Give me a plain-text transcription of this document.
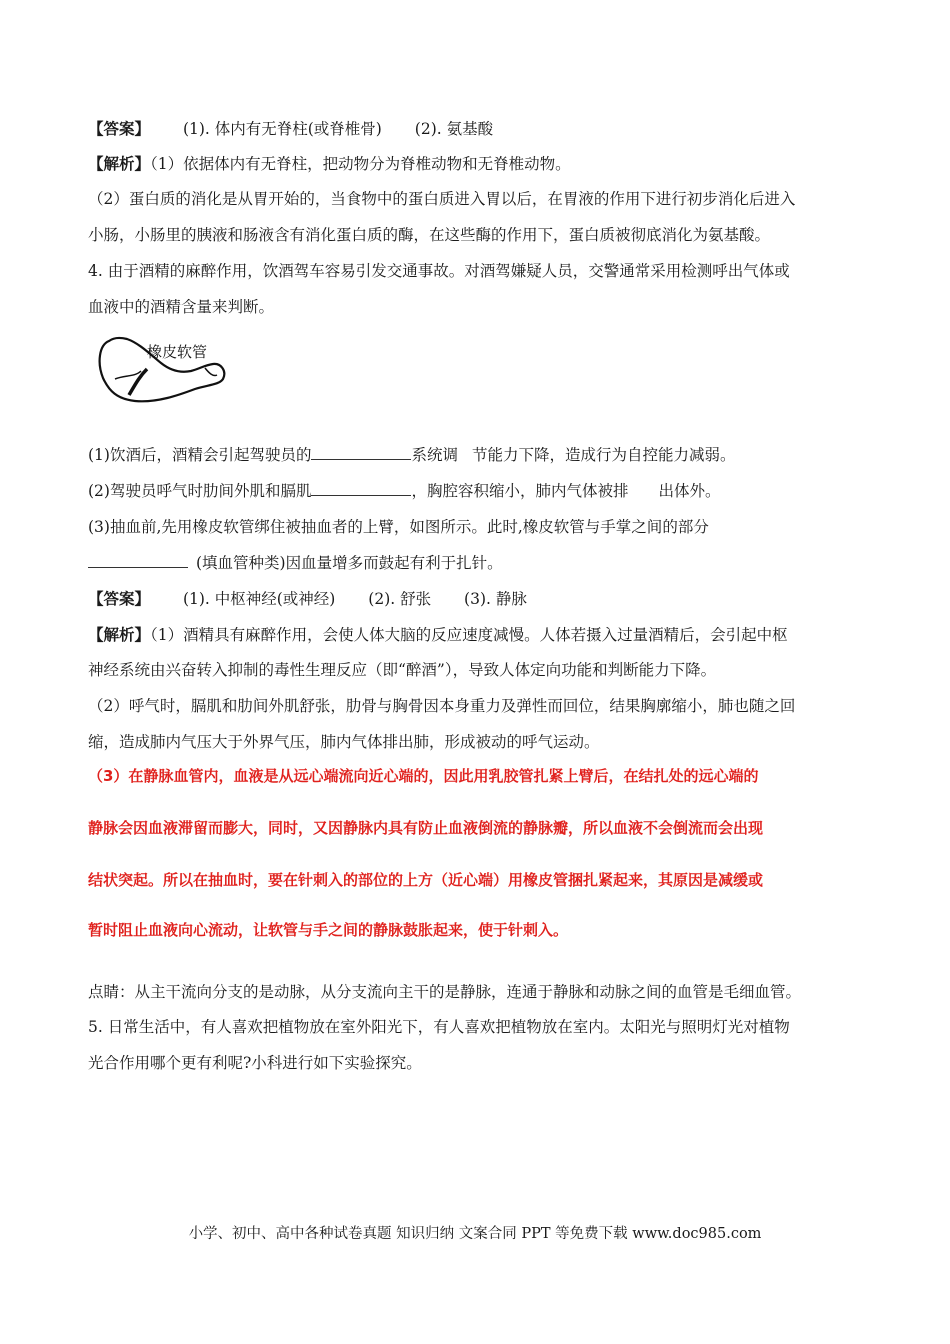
【答案】 (1). 体内有无脊柱(或脊椎骨) (2). 氨基酸
【解析】（1）依据体内有无脊柱，把动物分为脊椎动物和无脊椎动物。
（2）蛋白质的消化是从胃开始的，当食物中的蛋白质进入胃以后，在胃液的作用下进行初步消化后进入
小肠，小肠里的胰液和肠液含有消化蛋白质的酶，在这些酶的作用下，蛋白质被彻底消化为氨基酸。
4. 由于酒精的麻醉作用，饮酒驾车容易引发交通事故。对酒驾嫌疑人员，交警通常采用检测呼出气体或
血液中的酒精含量来判断。
橡皮软管
(1)饮酒后，酒精会引起驾驶员的	系统调 节能力下降，造成行为自控能力减弱。
(2)驾驶员呼气时肋间外肌和膈肌	，胸腔容积缩小，肺内气体被排 出体外。
(3)抽血前,先用橡皮软管绑住被抽血者的上臂，如图所示。此时,橡皮软管与手掌之间的部分
(填血管种类)因血量增多而鼓起有利于扎针。
【答案】 (1). 中枢神经(或神经) (2). 舒张 (3). 静脉
【解析】（1）酒精具有麻醉作用，会使人体大脑的反应速度减慢。人体若摄入过量酒精后，会引起中枢
神经系统由兴奋转入抑制的毒性生理反应（即“醉酒”），导致人体定向功能和判断能力下降。
（2）呼气时，膈肌和肋间外肌舒张，肋骨与胸骨因本身重力及弹性而回位，结果胸廓缩小，肺也随之回
缩，造成肺内气压大于外界气压，肺内气体排出肺，形成被动的呼气运动。
（3）在静脉血管内，血液是从远心端流向近心端的，因此用乳胶管扎紧上臂后，在结扎处的远心端的
静脉会因血液滞留而膨大，同时，又因静脉内具有防止血液倒流的静脉瓣，所以血液不会倒流而会出现
结状突起。所以在抽血时，要在针刺入的部位的上方（近心端）用橡皮管捆扎紧起来，其原因是减缓或
暂时阻止血液向心流动，让软管与手之间的静脉鼓胀起来，使于针刺入。
点睛：从主干流向分支的是动脉，从分支流向主干的是静脉，连通于静脉和动脉之间的血管是毛细血管。
5. 日常生活中，有人喜欢把植物放在室外阳光下，有人喜欢把植物放在室内。太阳光与照明灯光对植物
光合作用哪个更有利呢?小科进行如下实验探究。
小学、初中、高中各种试卷真题 知识归纳 文案合同 PPT 等免费下载 www.doc985.com
